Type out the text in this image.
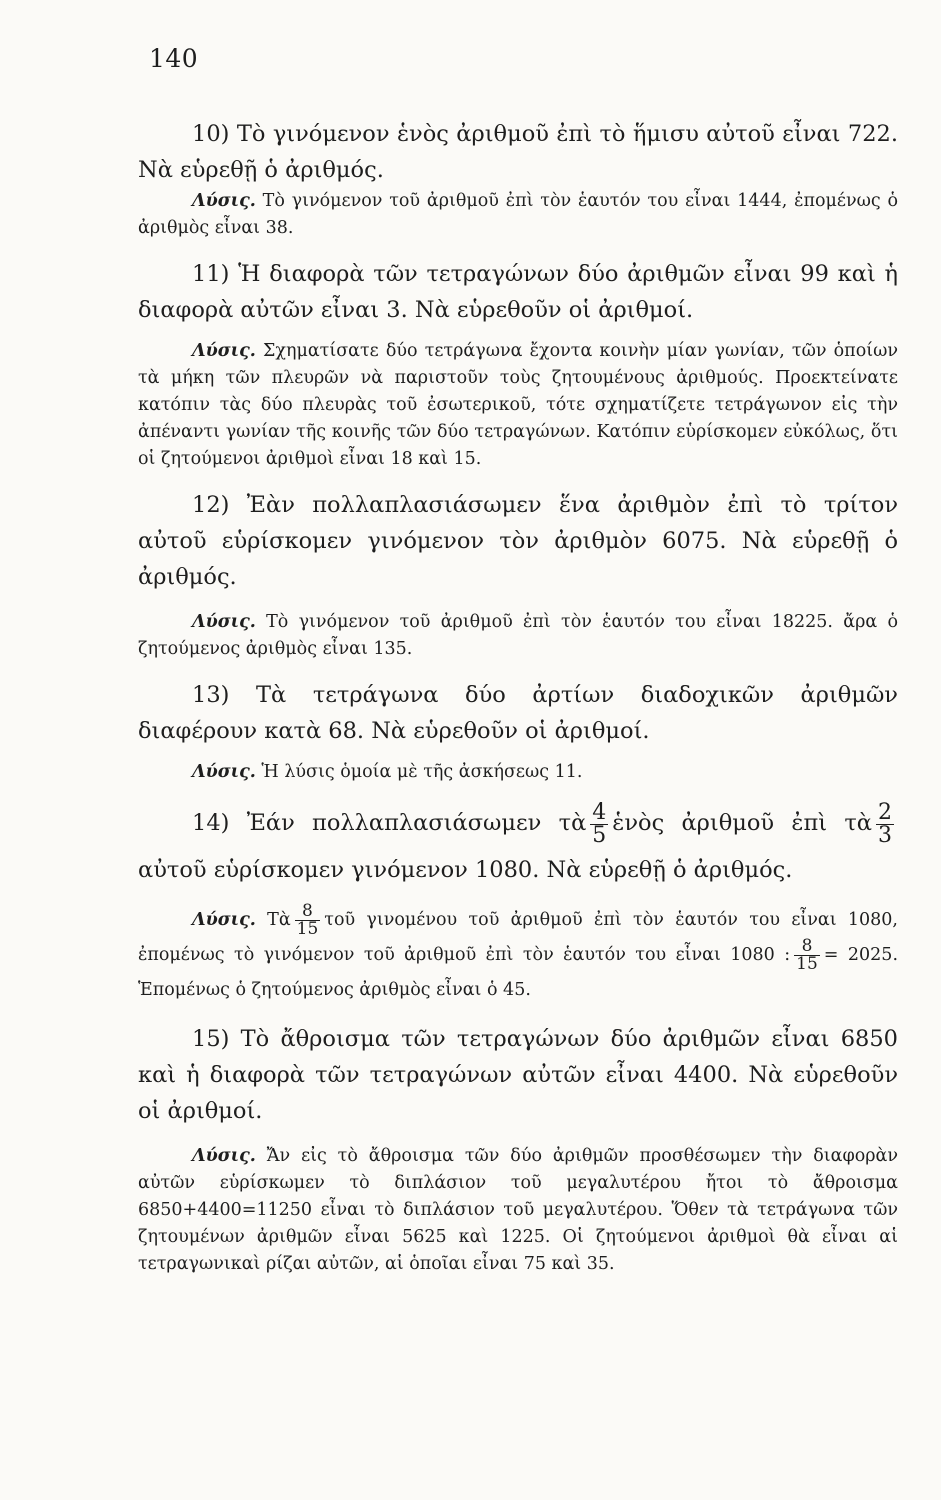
140

10) Τὸ γινόμενον ἑνὸς ἀριθμοῦ ἐπὶ τὸ ἥμισυ αὐτοῦ εἶναι 722. Νὰ εὑρεθῇ ὁ ἀριθμός.

Λύσις. Τὸ γινόμενον τοῦ ἀριθμοῦ ἐπὶ τὸν ἑαυτόν του εἶναι 1444, ἐπομένως ὁ ἀριθμὸς εἶναι 38.

11) Ἡ διαφορὰ τῶν τετραγώνων δύο ἀριθμῶν εἶναι 99 καὶ ἡ διαφορὰ αὐτῶν εἶναι 3. Νὰ εὑρεθοῦν οἱ ἀριθμοί.

Λύσις. Σχηματίσατε δύο τετράγωνα ἔχοντα κοινὴν μίαν γωνίαν, τῶν ὁποίων τὰ μήκη τῶν πλευρῶν νὰ παριστοῦν τοὺς ζητουμένους ἀριθμούς. Προεκτείνατε κατόπιν τὰς δύο πλευρὰς τοῦ ἐσωτερικοῦ, τότε σχηματίζετε τετράγωνον εἰς τὴν ἀπέναντι γωνίαν τῆς κοινῆς τῶν δύο τετραγώνων. Κατόπιν εὑρίσκομεν εὐκόλως, ὅτι οἱ ζητούμενοι ἀριθμοὶ εἶναι 18 καὶ 15.

12) Ἐὰν πολλαπλασιάσωμεν ἕνα ἀριθμὸν ἐπὶ τὸ τρίτον αὐτοῦ εὑρίσκομεν γινόμενον τὸν ἀριθμὸν 6075. Νὰ εὑρεθῇ ὁ ἀριθμός.

Λύσις. Τὸ γινόμενον τοῦ ἀριθμοῦ ἐπὶ τὸν ἑαυτόν του εἶναι 18225. ἄρα ὁ ζητούμενος ἀριθμὸς εἶναι 135.

13) Τὰ τετράγωνα δύο ἀρτίων διαδοχικῶν ἀριθμῶν διαφέρουν κατὰ 68. Νὰ εὑρεθοῦν οἱ ἀριθμοί.

Λύσις. Ἡ λύσις ὁμοία μὲ τῆς ἀσκήσεως 11.

14) Ἐάν πολλαπλασιάσωμεν τὰ $\frac{4}{5}$ ἑνὸς ἀριθμοῦ ἐπὶ τὰ $\frac{2}{3}$
αὐτοῦ εὑρίσκομεν γινόμενον 1080. Νὰ εὑρεθῇ ὁ ἀριθμός.

Λύσις. Τὰ $\frac{8}{15}$ τοῦ γινομένου τοῦ ἀριθμοῦ ἐπὶ τὸν ἑαυτόν του εἶναι 1080, ἐπομένως τὸ γινόμενον τοῦ ἀριθμοῦ ἐπὶ τὸν ἑαυτόν του εἶναι 1080 : $\frac{8}{15} = 2025$. Ἑπομένως ὁ ζητούμενος ἀριθμὸς εἶναι ὁ 45.

15) Τὸ ἄθροισμα τῶν τετραγώνων δύο ἀριθμῶν εἶναι 6850 καὶ ἡ διαφορὰ τῶν τετραγώνων αὐτῶν εἶναι 4400. Νὰ εὑρεθοῦν οἱ ἀριθμοί.

Λύσις. Ἄν εἰς τὸ ἄθροισμα τῶν δύο ἀριθμῶν προσθέσωμεν τὴν διαφορὰν αὐτῶν εὑρίσκωμεν τὸ διπλάσιον τοῦ μεγαλυτέρου ἤτοι τὸ ἄθροισμα 6850+4400=11250 εἶναι τὸ διπλάσιον τοῦ μεγαλυτέρου. Ὅθεν τὰ τετράγωνα τῶν ζητουμένων ἀριθμῶν εἶναι 5625 καὶ 1225. Οἱ ζητούμενοι ἀριθμοὶ θὰ εἶναι αἱ τετραγωνικαὶ ρίζαι αὐτῶν, αἱ ὁποῖαι εἶναι 75 καὶ 35.
